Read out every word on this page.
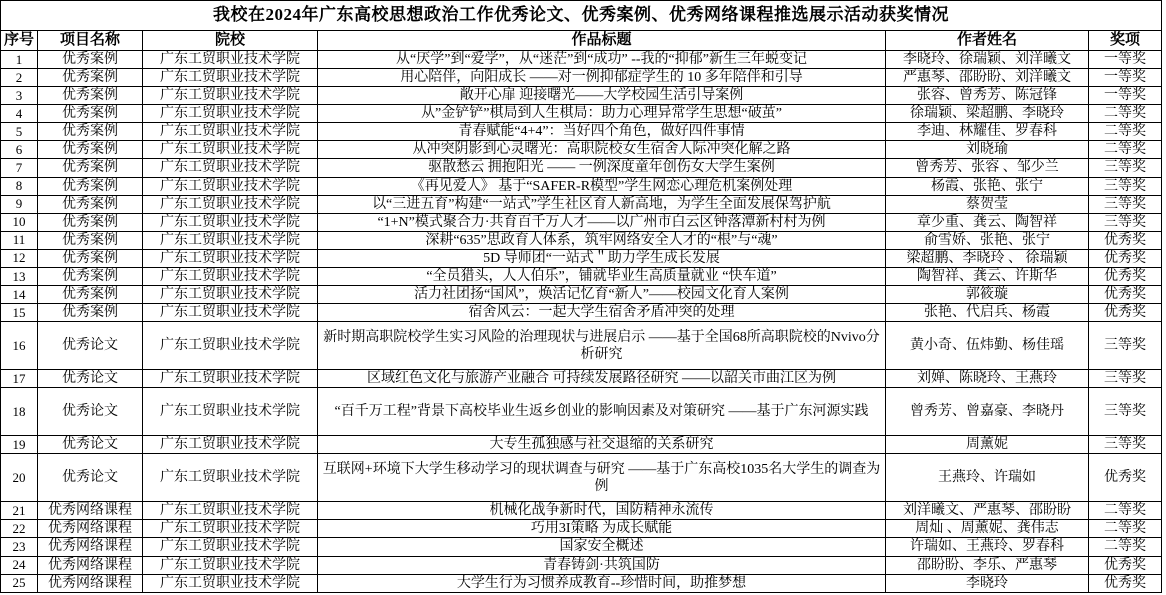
我校在2024年广东高校思想政治工作优秀论文、优秀案例、优秀网络课程推选展示活动获奖情况					
序号	项目名称	院校	作品标题	作者姓名	奖项
1	优秀案例	广东工贸职业技术学院	从“厌学”到“爱学”，从“迷茫”到“成功” --我的“抑郁”新生三年蜕变记	李晓玲、徐瑞颖、刘洋曦文	一等奖
2	优秀案例	广东工贸职业技术学院	用心陪伴，向阳成长 ——对一例抑郁症学生的 10 多年陪伴和引导	严惠琴、邵盼盼、刘洋曦文	一等奖
3	优秀案例	广东工贸职业技术学院	敞开心扉 迎接曙光——大学校园生活引导案例	张容、曾秀芳、陈冠锋	一等奖
4	优秀案例	广东工贸职业技术学院	从”金铲铲”棋局到人生棋局：助力心理异常学生思想“破茧”	徐瑞颖、梁超鹏、李晓玲	二等奖
5	优秀案例	广东工贸职业技术学院	青春赋能“4+4”：当好四个角色，做好四件事情	李迪、林耀佳、罗春科	二等奖
6	优秀案例	广东工贸职业技术学院	从冲突阴影到心灵曙光：高职院校女生宿舍人际冲突化解之路	刘晓瑜	二等奖
7	优秀案例	广东工贸职业技术学院	驱散愁云 拥抱阳光 —— 一例深度童年创伤女大学生案例	曾秀芳、张容 、邹少兰	三等奖
8	优秀案例	广东工贸职业技术学院	《再见爱人》 基于“SAFER-R模型”学生网恋心理危机案例处理	杨霞、张艳、张宁	三等奖
9	优秀案例	广东工贸职业技术学院	以“三进五育”构建“一站式”学生社区育人新高地，为学生全面发展保驾护航	蔡贺莹	三等奖
10	优秀案例	广东工贸职业技术学院	“1+N”模式聚合力·共育百千万人才——以广州市白云区钟落潭新村村为例	章少重、龚云、陶智祥	三等奖
11	优秀案例	广东工贸职业技术学院	深耕“635”思政育人体系，筑牢网络安全人才的“根”与“魂”	俞雪娇、张艳、张宁	优秀奖
12	优秀案例	广东工贸职业技术学院	5D 导师团“一站式＂助力学生成长发展	梁超鹏、李晓玲 、 徐瑞颖	优秀奖
13	优秀案例	广东工贸职业技术学院	“全员猎头，人人伯乐”，铺就毕业生高质量就业 “快车道”	陶智祥、龚云、许斯华	优秀奖
14	优秀案例	广东工贸职业技术学院	活力社团扬“国风”，焕活记忆育“新人”——校园文化育人案例	郭筱璇	优秀奖
15	优秀案例	广东工贸职业技术学院	宿舍风云：一起大学生宿舍矛盾冲突的处理	张艳、代启兵、杨霞	优秀奖
16	优秀论文	广东工贸职业技术学院	新时期高职院校学生实习风险的治理现状与进展启示 ——基于全国68所高职院校的Nvivo分析研究	黄小奇、伍炜勤、杨佳瑶	三等奖
17	优秀论文	广东工贸职业技术学院	区域红色文化与旅游产业融合 可持续发展路径研究 ——以韶关市曲江区为例	刘婵、陈晓玲、王燕玲	三等奖
18	优秀论文	广东工贸职业技术学院	“百千万工程”背景下高校毕业生返乡创业的影响因素及对策研究 ——基于广东河源实践	曾秀芳、曾嘉豪、李晓丹	三等奖
19	优秀论文	广东工贸职业技术学院	大专生孤独感与社交退缩的关系研究	周薰妮	三等奖
20	优秀论文	广东工贸职业技术学院	互联网+环境下大学生移动学习的现状调查与研究 ——基于广东高校1035名大学生的调查为例	王燕玲、许瑞如	优秀奖
21	优秀网络课程	广东工贸职业技术学院	机械化战争新时代，国防精神永流传	刘洋曦文、严惠琴、邵盼盼	二等奖
22	优秀网络课程	广东工贸职业技术学院	巧用3I策略 为成长赋能	周灿 、周薰妮、龚伟志	二等奖
23	优秀网络课程	广东工贸职业技术学院	国家安全概述	许瑞如、王燕玲、罗春科	二等奖
24	优秀网络课程	广东工贸职业技术学院	青春铸剑·共筑国防	邵盼盼、李乐、严惠琴	优秀奖
25	优秀网络课程	广东工贸职业技术学院	大学生行为习惯养成教育--珍惜时间，助推梦想	李晓玲	优秀奖
